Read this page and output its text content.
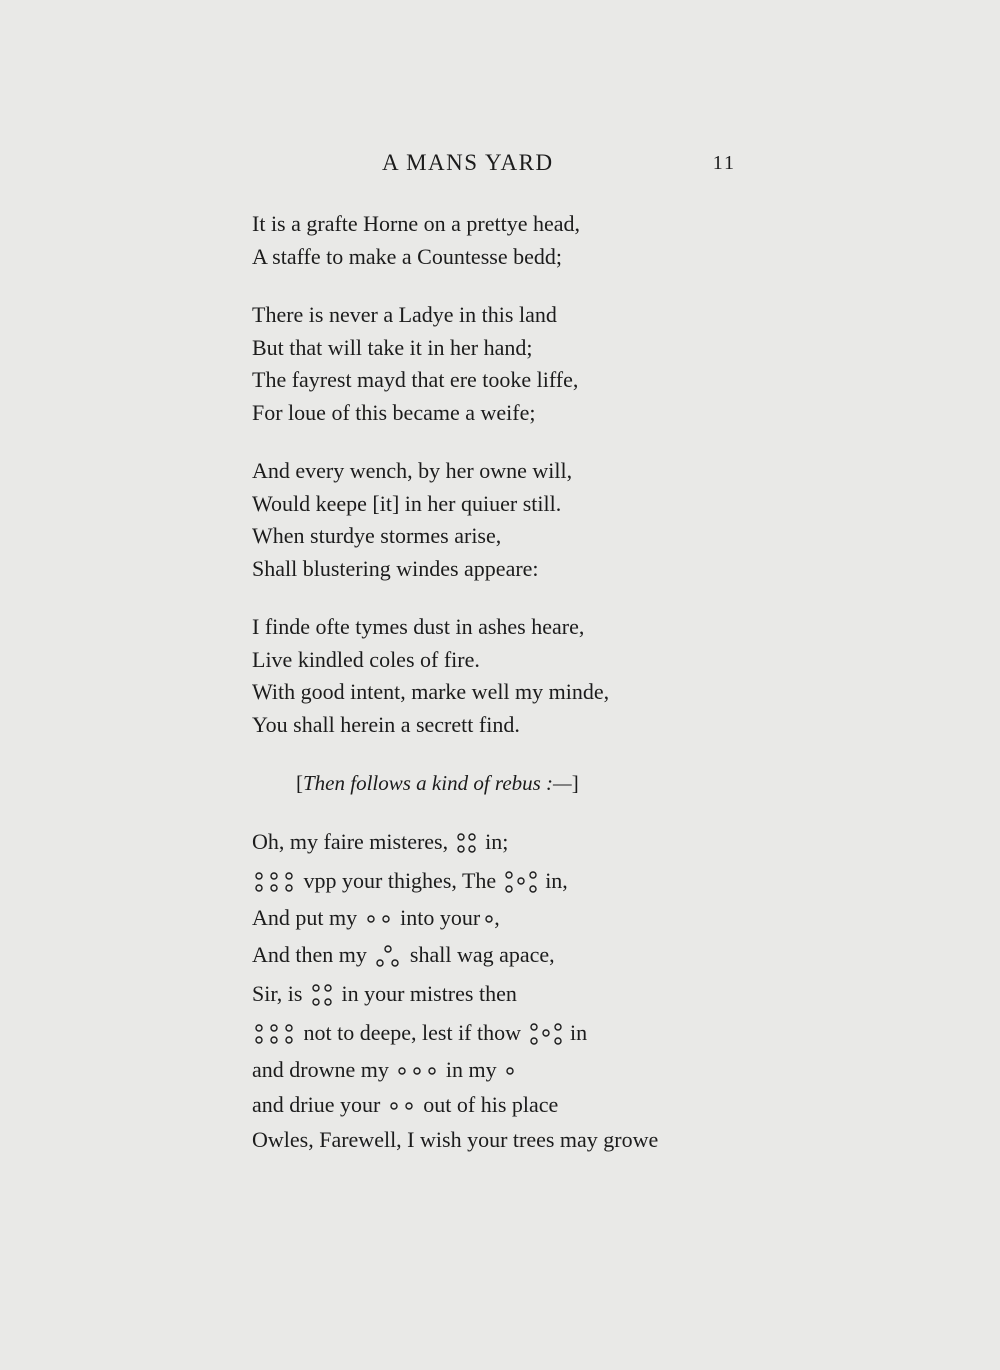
A MANS YARD	11
It is a grafte Horne on a prettye head,
A staffe to make a Countesse bedd;
There is never a Ladye in this land
But that will take it in her hand;
The fayrest mayd that ere tooke liffe,
For loue of this became a weife;
And every wench, by her owne will,
Would keepe [it] in her quiuer still.
When sturdye stormes arise,
Shall blustering windes appeare:
I finde ofte tymes dust in ashes heare,
Live kindled coles of fire.
With good intent, marke well my minde,
You shall herein a secrett find.
[Then follows a kind of rebus :—]
Oh, my faire misteres, in;
vpp your thighes, The in,
And put my into your ,
And then my shall wag apace,
Sir, is in your mistres then
not to deepe, lest if thow in
and drowne my	in my
and driue your out of his place
Owles, Farewell, I wish your trees may growe
